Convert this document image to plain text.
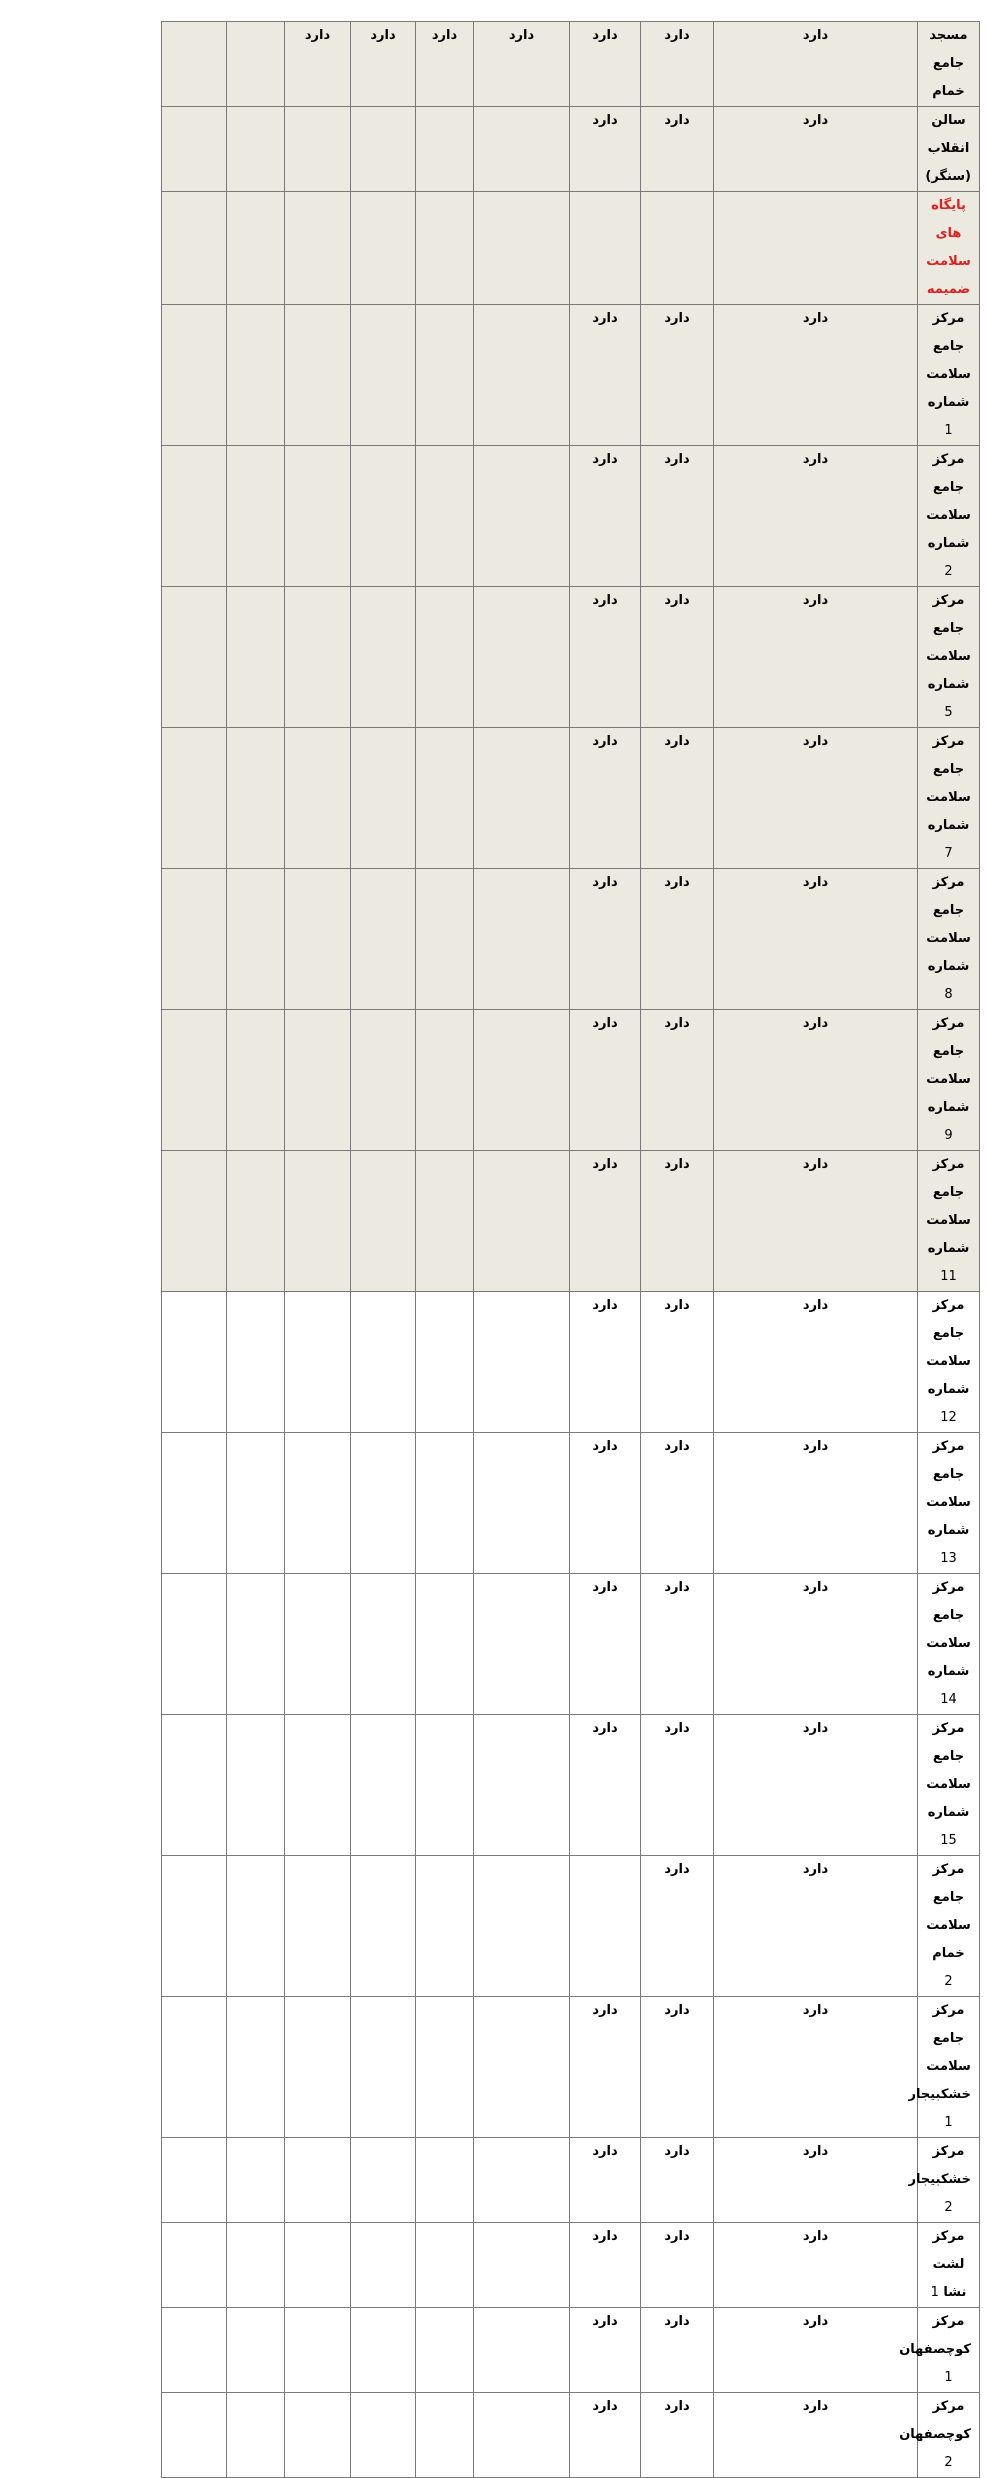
		دارد	دارد	دارد	دارد	دارد	دارد	دارد	مسجد جامع خمام

						دارد	دارد	دارد	سالن انقلاب (سنگر)

									پایگاه های سلامت ضمیمه	

						دارد	دارد	دارد	مرکز جامع سلامت شماره 1

						دارد	دارد	دارد	مرکز جامع سلامت شماره 2

						دارد	دارد	دارد	مرکز جامع سلامت شماره 5

						دارد	دارد	دارد	مرکز جامع سلامت شماره 7

						دارد	دارد	دارد	مرکز جامع سلامت شماره 8

						دارد	دارد	دارد	مرکز جامع سلامت شماره 9

						دارد	دارد	دارد	مرکز جامع سلامت شماره 11

						دارد	دارد	دارد	مرکز جامع سلامت شماره 12

						دارد	دارد	دارد	مرکز جامع سلامت شماره 13

						دارد	دارد	دارد	مرکز جامع سلامت شماره 14

						دارد	دارد	دارد	مرکز جامع سلامت شماره 15

							دارد	دارد	مرکز جامع سلامت خمام 2

						دارد	دارد	دارد	مرکز جامع سلامت خشکبیجار 1

						دارد	دارد	دارد	مرکز خشکبیجار 2

						دارد	دارد	دارد	مرکز لشت نشا 1

						دارد	دارد	دارد	مرکز کوچصفهان 1

						دارد	دارد	دارد	مرکز کوچصفهان 2
